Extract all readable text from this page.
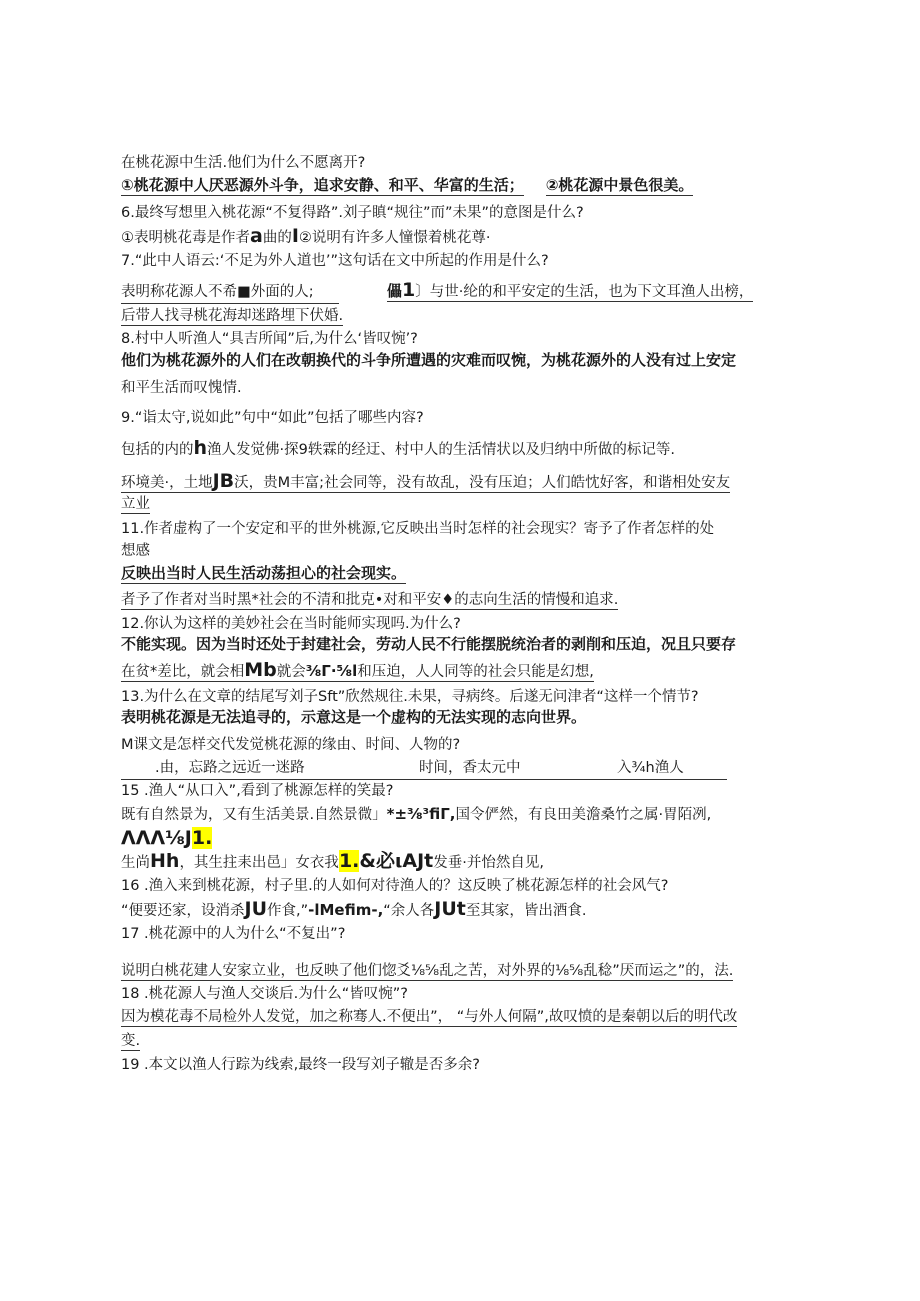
在桃花源中生活.他们为什么不愿离开?
①桃花源中人厌恶源外斗争，追求安静、和平、华富的生活； ②桃花源中景色很美。
6.最终写想里入桃花源“不复得路”.刘子瞋“规往”而”未果”的意图是什么?
①表明桃花毒是作者a曲的I②说明有许多人憧憬着桃花尊·
7.“此中人语云:‘不足为外人道也’”这句话在文中所起的作用是什么?
表明称花源人不希■外面的人;	儡1〕与世·纶的和平安定的生活，也为下文耳渔人出榜，
后带人找寻桃花海却迷路埋下伏婚.
8.村中人听渔人“具吉所闻”后,为什么‘皆叹惋’?
他们为桃花源外的人们在改朝换代的斗争所遭遇的灾难而叹惋，为桃花源外的人没有过上安定
和平生活而叹愧情.
9.“诣太守,说如此”句中“如此”包括了哪些内容?
包括的内的h渔人发觉佛·探9轶霖的经迂、村中人的生活情状以及归纳中所做的标记等.
环境美·，土地JB沃，贵M丰富;社会同等，没有故乱，没有压迫；人们皓忱好客，和谐相处安友
立业
11.作者虚构了一个安定和平的世外桃源,它反映出当时怎样的社会现实？寄予了作者怎样的处
想感
反映出当时人民生活动荡担心的社会现实。
者予了作者对当时黑*社会的不清和批克•对和平安♦的志向生活的情慢和追求.
12.你认为这样的美妙社会在当时能师实现吗.为什么?
不能实现。因为当时还处于封建社会，劳动人民不行能摆脱统治者的剥削和压迫，况且只要存
在贫*差比，就会相Mb就会⅜Γ·⅝l和压迫，人人同等的社会只能是幻想,
13.为什么在文章的结尾写刘子Sft”欣然规往.未果，寻病终。后遂无问津者“这样一个情节?
表明桃花源是无法追寻的，示意这是一个虚构的无法实现的志向世界。
M课文是怎样交代发觉桃花源的缘由、时间、人物的?
.由，忘路之远近一迷路	时间，香太元中	入¾h渔人
15 .渔人“从口入”,看到了桃源怎样的笑最?
既有自然景为，又有生活美景.自然景微」*±⅜³fiΓ,国令俨然，有良田美澹桑竹之属·胃陌冽,
ΛΛΛ⅛J1.
生尚Hh，其生拄耒出邑」女衣我1.&必ιAJt发垂·并怡然自见,
16 .渔入来到桃花源，村子里.的人如何对待渔人的？这反映了桃花源怎样的社会风气?
“便要还家，设消杀JU作食,”-lMefim-,“余人各JUt至其家，皆出酒食.
17 .桃花源中的人为什么“不复出”?
说明白桃花建人安家立业，也反映了他们惚爻⅛⅝乱之苦，对外界的⅛⅝乱稔”厌而运之”的，法.
18 .桃花源人与渔人交谈后.为什么“皆叹惋”?
因为模花毒不局检外人发觉，加之称骞人.不便出”， “与外人何隔”,故叹愤的是秦朝以后的明代改
变.
19 .本文以渔人行踪为线索,最终一段写刘子辙是否多余?
